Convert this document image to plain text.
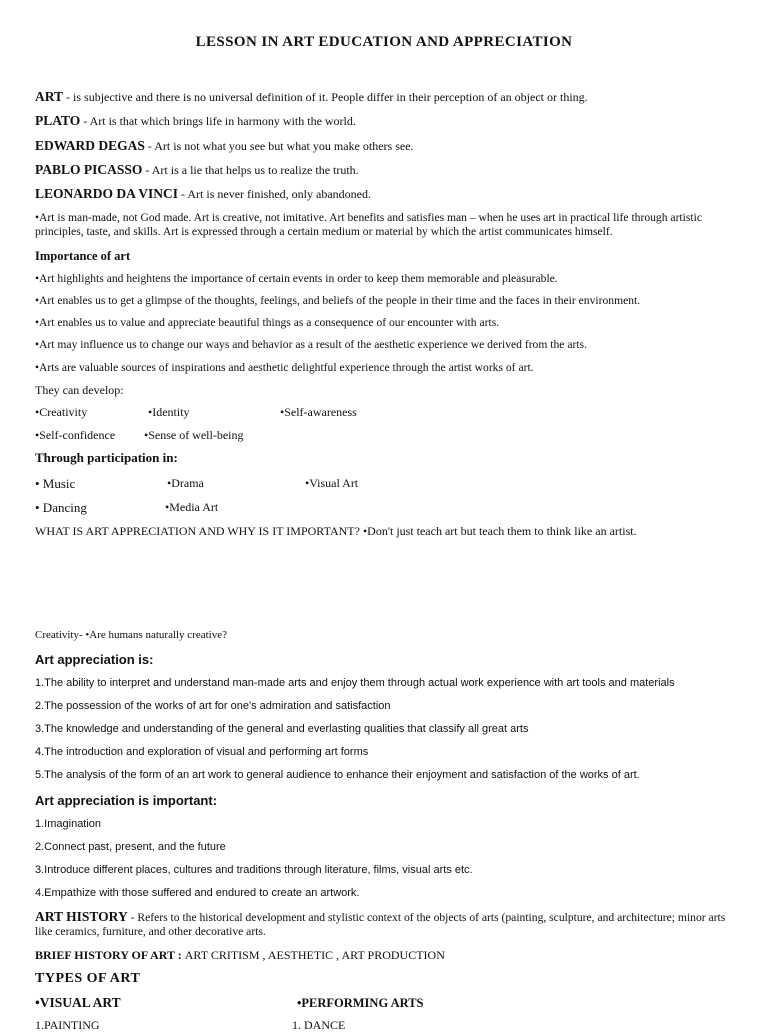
LESSON IN ART EDUCATION AND APPRECIATION
ART - is subjective and there is no universal definition of it. People differ in their perception of an object or thing.
PLATO - Art is that which brings life in harmony with the world.
EDWARD DEGAS - Art is not what you see but what you make others see.
PABLO PICASSO - Art is a lie that helps us to realize the truth.
LEONARDO DA VINCI - Art is never finished, only abandoned.
•Art is man-made, not God made. Art is creative, not imitative. Art benefits and satisfies man – when he uses art in practical life through artistic principles, taste, and skills. Art is expressed through a certain medium or material by which the artist communicates himself.
Importance of art
•Art highlights and heightens the importance of certain events in order to keep them memorable and pleasurable.
•Art enables us to get a glimpse of the thoughts, feelings, and beliefs of the people in their time and the faces in their environment.
•Art enables us to value and appreciate beautiful things as a consequence of our encounter with arts.
•Art may influence us to change our ways and behavior as a result of the aesthetic experience we derived from the arts.
•Arts are valuable sources of inspirations and aesthetic delightful experience through the artist works of art.
They can develop:
•Creativity	•Identity	•Self-awareness
•Self-confidence •Sense of well-being
Through participation in:
• Music	•Drama	•Visual Art
• Dancing	•Media Art
WHAT IS ART APPRECIATION AND WHY IS IT IMPORTANT? •Don't just teach art but teach them to think like an artist.
Creativity- •Are humans naturally creative?
Art appreciation is:
1.The ability to interpret and understand man-made arts and enjoy them through actual work experience with art tools and materials
2.The possession of the works of art for one's admiration and satisfaction
3.The knowledge and understanding of the general and everlasting qualities that classify all great arts
4.The introduction and exploration of visual and performing art forms
5.The analysis of the form of an art work to general audience to enhance their enjoyment and satisfaction of the works of art.
Art appreciation is important:
1.Imagination
2.Connect past, present, and the future
3.Introduce different places, cultures and traditions through literature, films, visual arts etc.
4.Empathize with those suffered and endured to create an artwork.
ART HISTORY - Refers to the historical development and stylistic context of the objects of arts (painting, sculpture, and architecture; minor arts like ceramics, furniture, and other decorative arts.
BRIEF HISTORY OF ART : ART CRITISM , AESTHETIC , ART PRODUCTION
TYPES OF ART
•VISUAL ART	•PERFORMING ARTS
1.PAINTING	1. DANCE
